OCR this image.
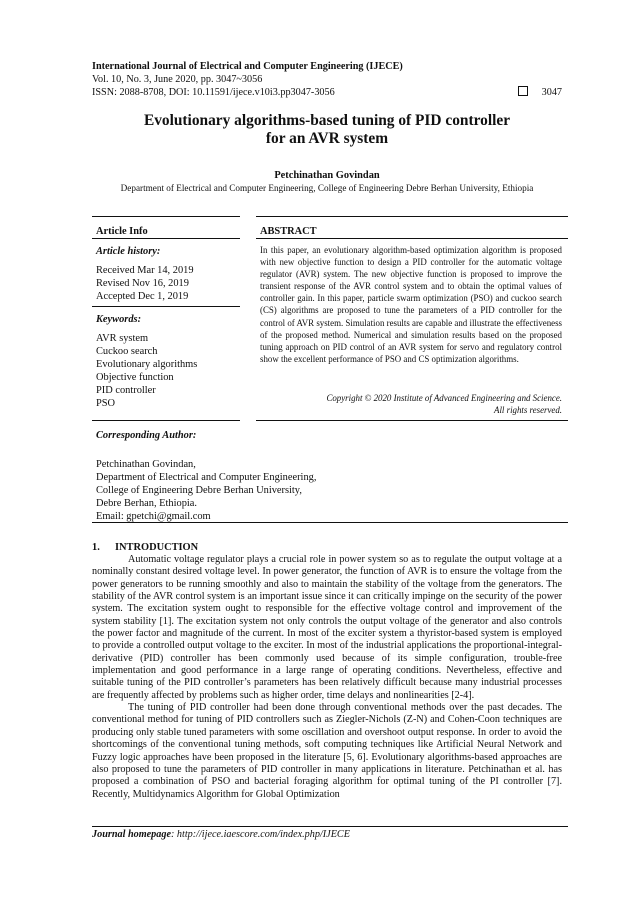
International Journal of Electrical and Computer Engineering (IJECE)
Vol. 10, No. 3, June 2020, pp. 3047~3056
ISSN: 2088-8708, DOI: 10.11591/ijece.v10i3.pp3047-3056	3047
Evolutionary algorithms-based tuning of PID controller
for an AVR system
Petchinathan Govindan
Department of Electrical and Computer Engineering, College of Engineering Debre Berhan University, Ethiopia
Article Info	ABSTRACT
Article history:
Received Mar 14, 2019
Revised Nov 16, 2019
Accepted Dec 1, 2019
Keywords:
AVR system
Cuckoo search
Evolutionary algorithms
Objective function
PID controller
PSO
In this paper, an evolutionary algorithm-based optimization algorithm is proposed with new objective function to design a PID controller for the automatic voltage regulator (AVR) system. The new objective function is proposed to improve the transient response of the AVR control system and to obtain the optimal values of controller gain. In this paper, particle swarm optimization (PSO) and cuckoo search (CS) algorithms are proposed to tune the parameters of a PID controller for the control of AVR system. Simulation results are capable and illustrate the effectiveness of the proposed method. Numerical and simulation results based on the proposed tuning approach on PID control of an AVR system for servo and regulatory control show the excellent performance of PSO and CS optimization algorithms.
Copyright © 2020 Institute of Advanced Engineering and Science.
All rights reserved.
Corresponding Author:
Petchinathan Govindan,
Department of Electrical and Computer Engineering,
College of Engineering Debre Berhan University,
Debre Berhan, Ethiopia.
Email: gpetchi@gmail.com
1. INTRODUCTION

Automatic voltage regulator plays a crucial role in power system so as to regulate the output voltage at a nominally constant desired voltage level. In power generator, the function of AVR is to ensure the voltage from the power generators to be running smoothly and also to maintain the stability of the voltage from the generators. The stability of the AVR control system is an important issue since it can critically impinge on the security of the power system. The excitation system ought to responsible for the effective voltage control and improvement of the system stability [1]. The excitation system not only controls the output voltage of the generator and also controls the power factor and magnitude of the current. In most of the exciter system a thyristor-based system is employed to provide a controlled output voltage to the exciter. In most of the industrial applications the proportional-integral-derivative (PID) controller has been commonly used because of its simple configuration, trouble-free implementation and good performance in a large range of operating conditions. Nevertheless, effective and suitable tuning of the PID controller’s parameters has been relatively difficult because many industrial processes are frequently affected by problems such as higher order, time delays and nonlinearities [2-4].

The tuning of PID controller had been done through conventional methods over the past decades. The conventional method for tuning of PID controllers such as Ziegler-Nichols (Z-N) and Cohen-Coon techniques are producing only stable tuned parameters with some oscillation and overshoot output response. In order to avoid the shortcomings of the conventional tuning methods, soft computing techniques like Artificial Neural Network and Fuzzy logic approaches have been proposed in the literature [5, 6]. Evolutionary algorithms-based approaches are also proposed to tune the parameters of PID controller in many applications in literature. Petchinathan et al. has proposed a combination of PSO and bacterial foraging algorithm for optimal tuning of the PI controller [7]. Recently, Multidynamics Algorithm for Global Optimization

Journal homepage: http://ijece.iaescore.com/index.php/IJECE
